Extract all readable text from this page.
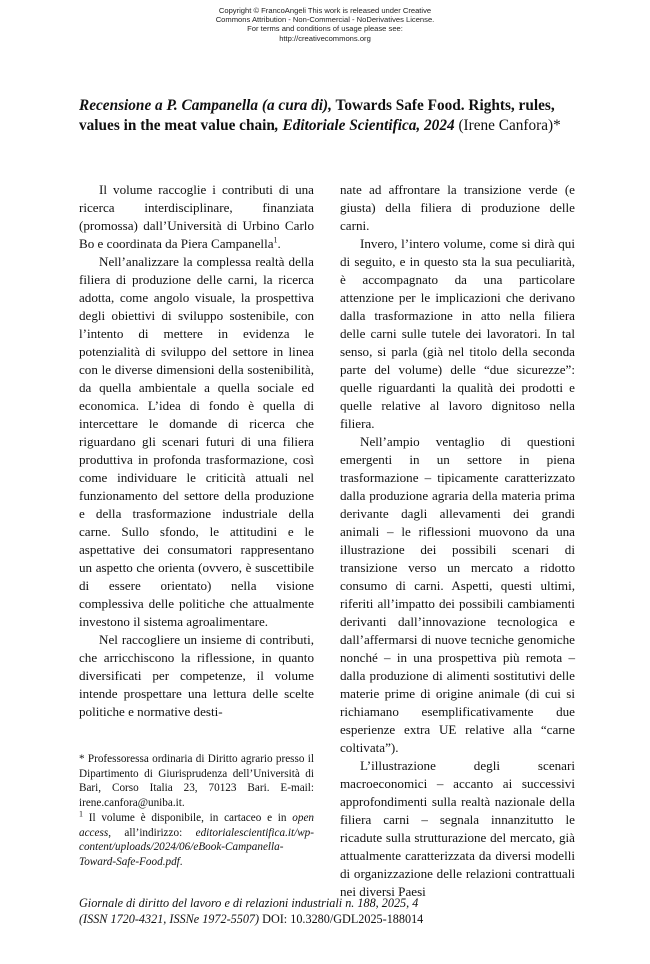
Copyright © FrancoAngeli This work is released under Creative
Commons Attribution - Non-Commercial - NoDerivatives License.
For terms and conditions of usage please see:
http://creativecommons.org
Recensione a P. Campanella (a cura di), Towards Safe Food. Rights, rules, values in the meat value chain, Editoriale Scientifica, 2024 (Irene Canfora)*

Il volume raccoglie i contributi di una ricerca interdisciplinare, finanziata (promossa) dall’Università di Urbino Carlo Bo e coordinata da Piera Campanella$^1$.

Nell’analizzare la complessa realtà della filiera di produzione delle carni, la ricerca adotta, come angolo visuale, la prospettiva degli obiettivi di sviluppo sostenibile, con l’intento di mettere in evidenza le potenzialità di sviluppo del settore in linea con le diverse dimensioni della sostenibilità, da quella ambientale a quella sociale ed economica. L’idea di fondo è quella di intercettare le domande di ricerca che riguardano gli scenari futuri di una filiera produttiva in profonda trasformazione, così come individuare le criticità attuali nel funzionamento del settore della produzione e della trasformazione industriale della carne. Sullo sfondo, le attitudini e le aspettative dei consumatori rappresentano un aspetto che orienta (ovvero, è suscettibile di essere orientato) nella visione complessiva delle politiche che attualmente investono il sistema agroalimentare.

Nel raccogliere un insieme di contributi, che arricchiscono la riflessione, in quanto diversificati per competenze, il volume intende prospettare una lettura delle scelte politiche e normative desti-

nate ad affrontare la transizione verde (e giusta) della filiera di produzione delle carni.

Invero, l’intero volume, come si dirà qui di seguito, e in questo sta la sua peculiarità, è accompagnato da una particolare attenzione per le implicazioni che derivano dalla trasformazione in atto nella filiera delle carni sulle tutele dei lavoratori. In tal senso, si parla (già nel titolo della seconda parte del volume) delle “due sicurezze”: quelle riguardanti la qualità dei prodotti e quelle relative al lavoro dignitoso nella filiera.

Nell’ampio ventaglio di questioni emergenti in un settore in piena trasformazione – tipicamente caratterizzato dalla produzione agraria della materia prima derivante dagli allevamenti dei grandi animali – le riflessioni muovono da una illustrazione dei possibili scenari di transizione verso un mercato a ridotto consumo di carni. Aspetti, questi ultimi, riferiti all’impatto dei possibili cambiamenti derivanti dall’innovazione tecnologica e dall’affermarsi di nuove tecniche genomiche nonché – in una prospettiva più remota – dalla produzione di alimenti sostitutivi delle materie prime di origine animale (di cui si richiamano esemplificativamente due esperienze extra UE relative alla “carne coltivata”).

L’illustrazione degli scenari macroeconomici – accanto ai successivi approfondimenti sulla realtà nazionale della filiera carni – segnala innanzitutto le ricadute sulla strutturazione del mercato, già attualmente caratterizzata da diversi modelli di organizzazione delle relazioni contrattuali nei diversi Paesi

* Professoressa ordinaria di Diritto agrario presso il Dipartimento di Giurisprudenza dell’Università di Bari, Corso Italia 23, 70123 Bari. E-mail: irene.canfora@uniba.it.

$^1$ Il volume è disponibile, in cartaceo e in open access, all’indirizzo: editorialescientifica.it/wp-content/uploads/2024/06/eBook-Campanella-Toward-Safe-Food.pdf.

Giornale di diritto del lavoro e di relazioni industriali n. 188, 2025, 4
(ISSN 1720-4321, ISSNe 1972-5507) DOI: 10.3280/GDL2025-188014
